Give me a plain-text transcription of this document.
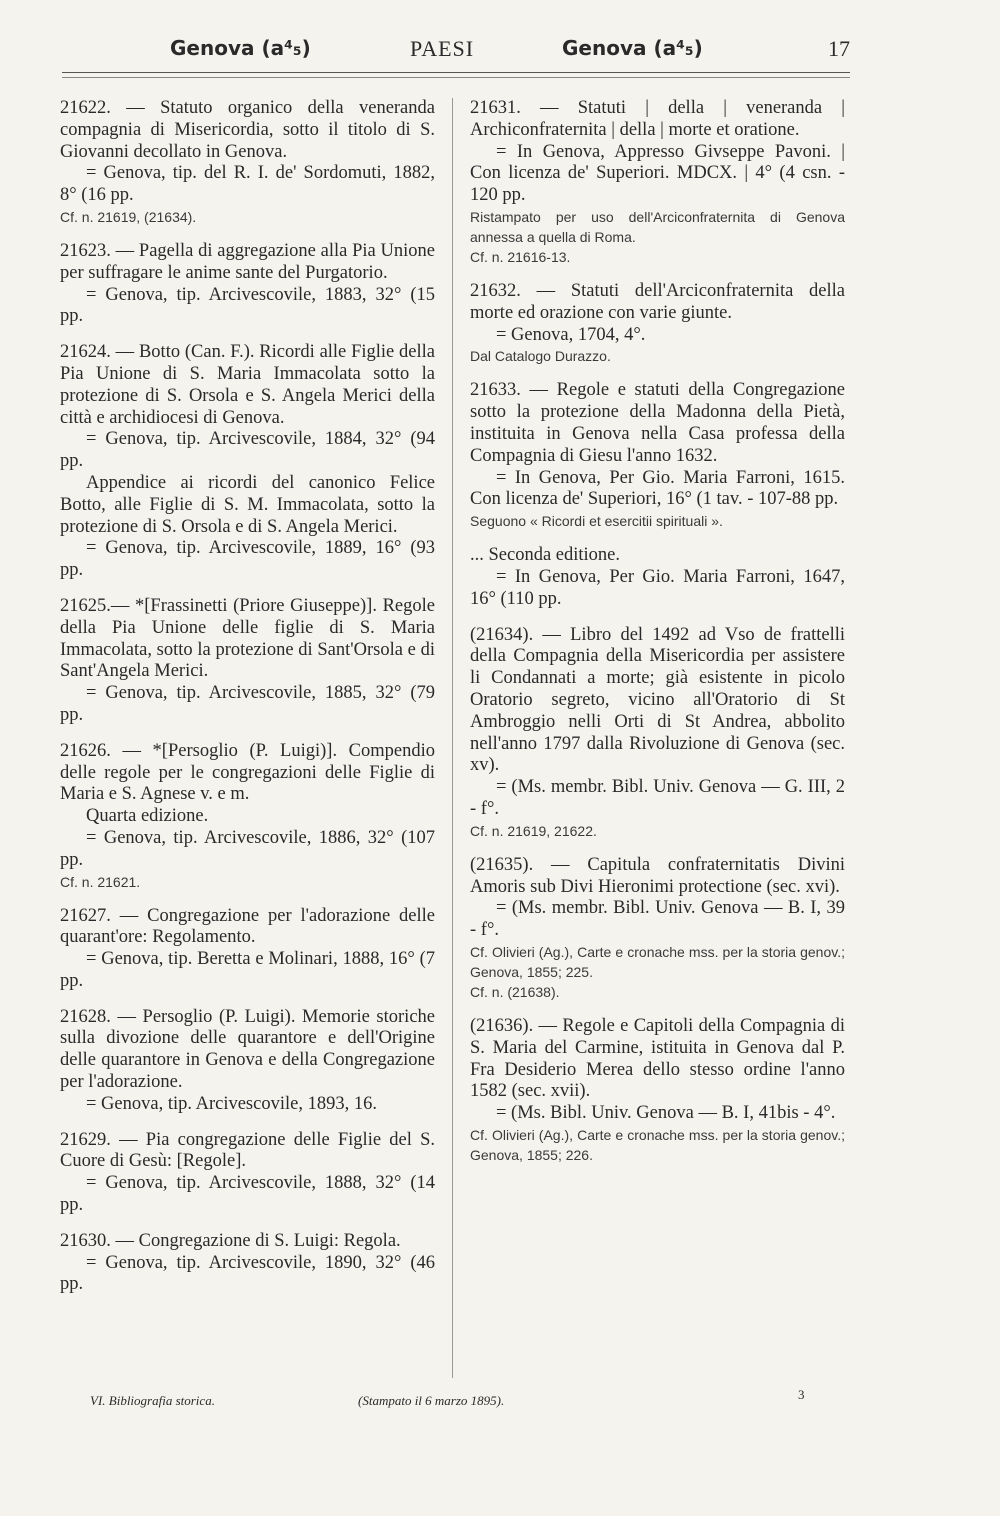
Genova (a⁴₅)	PAESI	Genova (a⁴₅)	17

21622. — Statuto organico della veneranda compagnia di Misericordia, sotto il titolo di S. Giovanni decollato in Genova.

= Genova, tip. del R. I. de' Sordomuti, 1882, 8° (16 pp.

Cf. n. 21619, (21634).

21623. — Pagella di aggregazione alla Pia Unione per suffragare le anime sante del Purgatorio.

= Genova, tip. Arcivescovile, 1883, 32° (15 pp.

21624. — Botto (Can. F.). Ricordi alle Figlie della Pia Unione di S. Maria Immacolata sotto la protezione di S. Orsola e S. Angela Merici della città e archidiocesi di Genova.

= Genova, tip. Arcivescovile, 1884, 32° (94 pp.

Appendice ai ricordi del canonico Felice Botto, alle Figlie di S. M. Immacolata, sotto la protezione di S. Orsola e di S. Angela Merici.

= Genova, tip. Arcivescovile, 1889, 16° (93 pp.

21625.— *[Frassinetti (Priore Giuseppe)]. Regole della Pia Unione delle figlie di S. Maria Immacolata, sotto la protezione di Sant'Orsola e di Sant'Angela Merici.

= Genova, tip. Arcivescovile, 1885, 32° (79 pp.

21626. — *[Persoglio (P. Luigi)]. Compendio delle regole per le congregazioni delle Figlie di Maria e S. Agnese v. e m.

Quarta edizione.

= Genova, tip. Arcivescovile, 1886, 32° (107 pp.

Cf. n. 21621.

21627. — Congregazione per l'adorazione delle quarant'ore: Regolamento.

= Genova, tip. Beretta e Molinari, 1888, 16° (7 pp.

21628. — Persoglio (P. Luigi). Memorie storiche sulla divozione delle quarantore e dell'Origine delle quarantore in Genova e della Congregazione per l'adorazione.

= Genova, tip. Arcivescovile, 1893, 16.

21629. — Pia congregazione delle Figlie del S. Cuore di Gesù: [Regole].

= Genova, tip. Arcivescovile, 1888, 32° (14 pp.

21630. — Congregazione di S. Luigi: Regola.

= Genova, tip. Arcivescovile, 1890, 32° (46 pp.

21631. — Statuti | della | veneranda | Archiconfraternita | della | morte et oratione.

= In Genova, Appresso Givseppe Pavoni. | Con licenza de' Superiori. MDCX. | 4° (4 csn. - 120 pp.

Ristampato per uso dell'Arciconfraternita di Genova annessa a quella di Roma.

Cf. n. 21616-13.

21632. — Statuti dell'Arciconfraternita della morte ed orazione con varie giunte.

= Genova, 1704, 4°.

Dal Catalogo Durazzo.

21633. — Regole e statuti della Congregazione sotto la protezione della Madonna della Pietà, instituita in Genova nella Casa professa della Compagnia di Giesu l'anno 1632.

= In Genova, Per Gio. Maria Farroni, 1615. Con licenza de' Superiori, 16° (1 tav. - 107-88 pp.

Seguono « Ricordi et esercitii spirituali ».

... Seconda editione.

= In Genova, Per Gio. Maria Farroni, 1647, 16° (110 pp.

(21634). — Libro del 1492 ad Vso de frattelli della Compagnia della Misericordia per assistere li Condannati a morte; già esistente in picolo Oratorio segreto, vicino all'Oratorio di St Ambroggio nelli Orti di St Andrea, abbolito nell'anno 1797 dalla Rivoluzione di Genova (sec. xv).

= (Ms. membr. Bibl. Univ. Genova — G. III, 2 - f°.

Cf. n. 21619, 21622.

(21635). — Capitula confraternitatis Divini Amoris sub Divi Hieronimi protectione (sec. xvi).

= (Ms. membr. Bibl. Univ. Genova — B. I, 39 - f°.

Cf. Olivieri (Ag.), Carte e cronache mss. per la storia genov.; Genova, 1855; 225.

Cf. n. (21638).

(21636). — Regole e Capitoli della Compagnia di S. Maria del Carmine, istituita in Genova dal P. Fra Desiderio Merea dello stesso ordine l'anno 1582 (sec. xvii).

= (Ms. Bibl. Univ. Genova — B. I, 41bis - 4°.

Cf. Olivieri (Ag.), Carte e cronache mss. per la storia genov.; Genova, 1855; 226.

VI. Bibliografia storica.	(Stampato il 6 marzo 1895).	3
